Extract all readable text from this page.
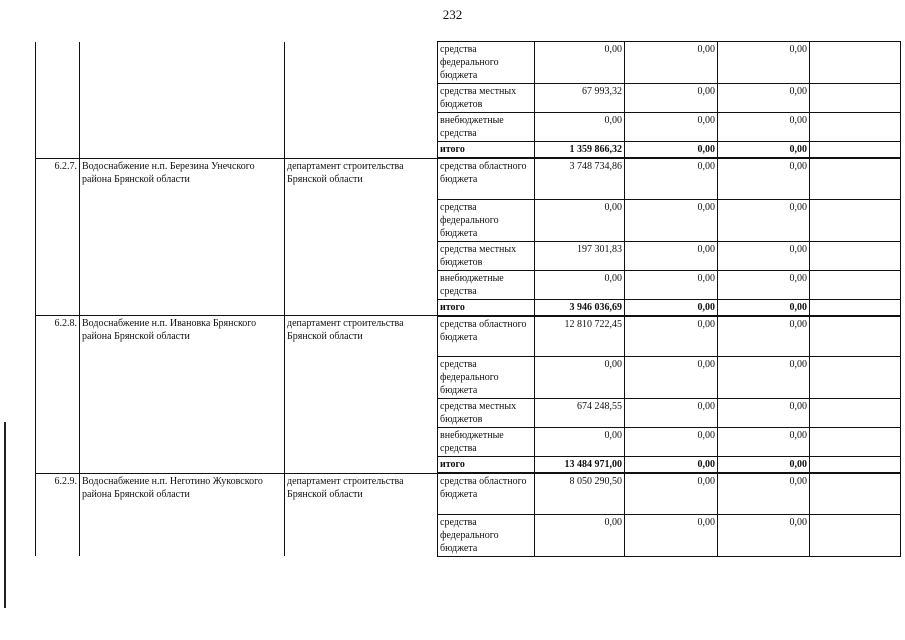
232
			средства федерального бюджета	0,00	0,00	0,00	
			средства местных бюджетов	67 993,32	0,00	0,00	
			внебюджетные средства	0,00	0,00	0,00	
			итого	1 359 866,32	0,00	0,00	
6.2.7.	Водоснабжение н.п. Березина Унечского района Брянской области	департамент строительства Брянской области	средства областного бюджета	3 748 734,86	0,00	0,00	
			средства федерального бюджета	0,00	0,00	0,00	
			средства местных бюджетов	197 301,83	0,00	0,00	
			внебюджетные средства	0,00	0,00	0,00	
			итого	3 946 036,69	0,00	0,00	
6.2.8.	Водоснабжение н.п. Ивановка Брянского района Брянской области	департамент строительства Брянской области	средства областного бюджета	12 810 722,45	0,00	0,00	
			средства федерального бюджета	0,00	0,00	0,00	
			средства местных бюджетов	674 248,55	0,00	0,00	
			внебюджетные средства	0,00	0,00	0,00	
			итого	13 484 971,00	0,00	0,00	
6.2.9.	Водоснабжение н.п. Неготино Жуковского района Брянской области	департамент строительства Брянской области	средства областного бюджета	8 050 290,50	0,00	0,00	
			средства федерального бюджета	0,00	0,00	0,00	
